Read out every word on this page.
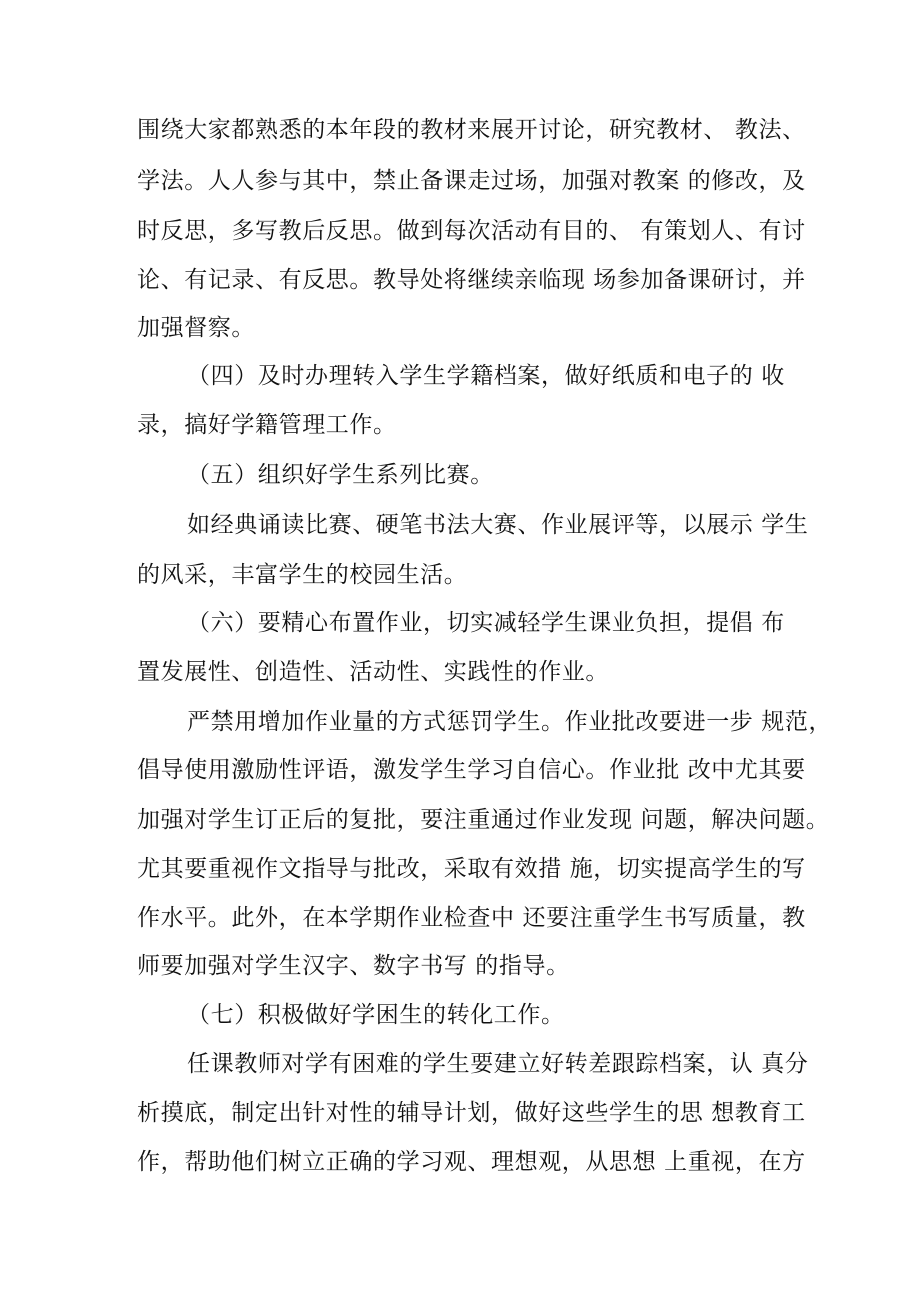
围绕大家都熟悉的本年段的教材来展开讨论，研究教材、 教法、
学法。人人参与其中，禁止备课走过场，加强对教案 的修改，及
时反思，多写教后反思。做到每次活动有目的、 有策划人、有讨
论、有记录、有反思。教导处将继续亲临现 场参加备课研讨，并
加强督察。
（四）及时办理转入学生学籍档案，做好纸质和电子的 收
录，搞好学籍管理工作。
（五）组织好学生系列比赛。
如经典诵读比赛、硬笔书法大赛、作业展评等，以展示 学生
的风采，丰富学生的校园生活。
（六）要精心布置作业，切实减轻学生课业负担，提倡 布
置发展性、创造性、活动性、实践性的作业。
严禁用增加作业量的方式惩罚学生。作业批改要进一步 规范，
倡导使用激励性评语，激发学生学习自信心。作业批 改中尤其要
加强对学生订正后的复批，要注重通过作业发现 问题，解决问题。
尤其要重视作文指导与批改，采取有效措 施，切实提高学生的写
作水平。此外，在本学期作业检查中 还要注重学生书写质量，教
师要加强对学生汉字、数字书写 的指导。
（七）积极做好学困生的转化工作。
任课教师对学有困难的学生要建立好转差跟踪档案，认 真分
析摸底，制定出针对性的辅导计划，做好这些学生的思 想教育工
作，帮助他们树立正确的学习观、理想观，从思想 上重视，在方
